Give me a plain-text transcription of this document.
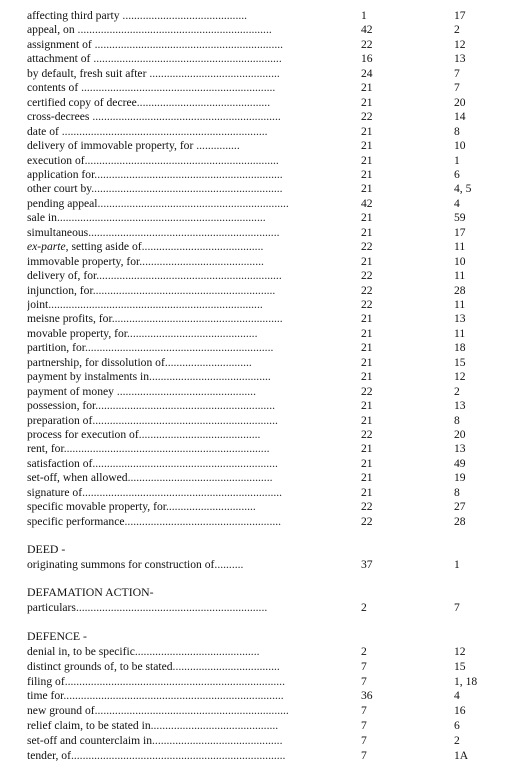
affecting third party ...........................................	1	17
appeal, on ...................................................................	42	2
assignment of .................................................................	22	12
attachment of .................................................................	16	13
by default, fresh suit after .............................................	24	7
contents of ...................................................................	21	7
certified copy of decree..............................................	21	20
cross-decrees .................................................................	22	14
date of .......................................................................	21	8
delivery of immovable property, for ...............	21	10
execution of...................................................................	21	1
application for.................................................................	21	6
other court by..................................................................	21	4, 5
pending appeal..................................................................	42	4
sale in........................................................................	21	59
simultaneous..................................................................	21	17
ex-parte, setting aside of..........................................	22	11
immovable property, for...........................................	21	10
delivery of, for................................................................	22	11
injunction, for...............................................................	22	28
joint..........................................................................	22	11
meisne profits, for...........................................................	21	13
movable property, for.............................................	21	11
partition, for.................................................................	21	18
partnership, for dissolution of..............................	21	15
payment by instalments in..........................................	21	12
payment of money ................................................	22	2
possession, for..............................................................	21	13
preparation of................................................................	21	8
process for execution of..........................................	22	20
rent, for.......................................................................	21	13
satisfaction of................................................................	21	49
set-off, when allowed..................................................	21	19
signature of.....................................................................	21	8
specific movable property, for...............................	22	27
specific performance......................................................	22	28
DEED -
originating summons for construction of..........	37	1
DEFAMATION ACTION-
particulars..................................................................	2	7
DEFENCE -
denial in, to be specific...........................................	2	12
distinct grounds of, to be stated.....................................	7	15
filing of............................................................................	7	1, 18
time for............................................................................	36	4
new ground of...................................................................	7	16
relief claim, to be stated in............................................	7	6
set-off and counterclaim in.............................................	7	2
tender, of..........................................................................	7	1A
